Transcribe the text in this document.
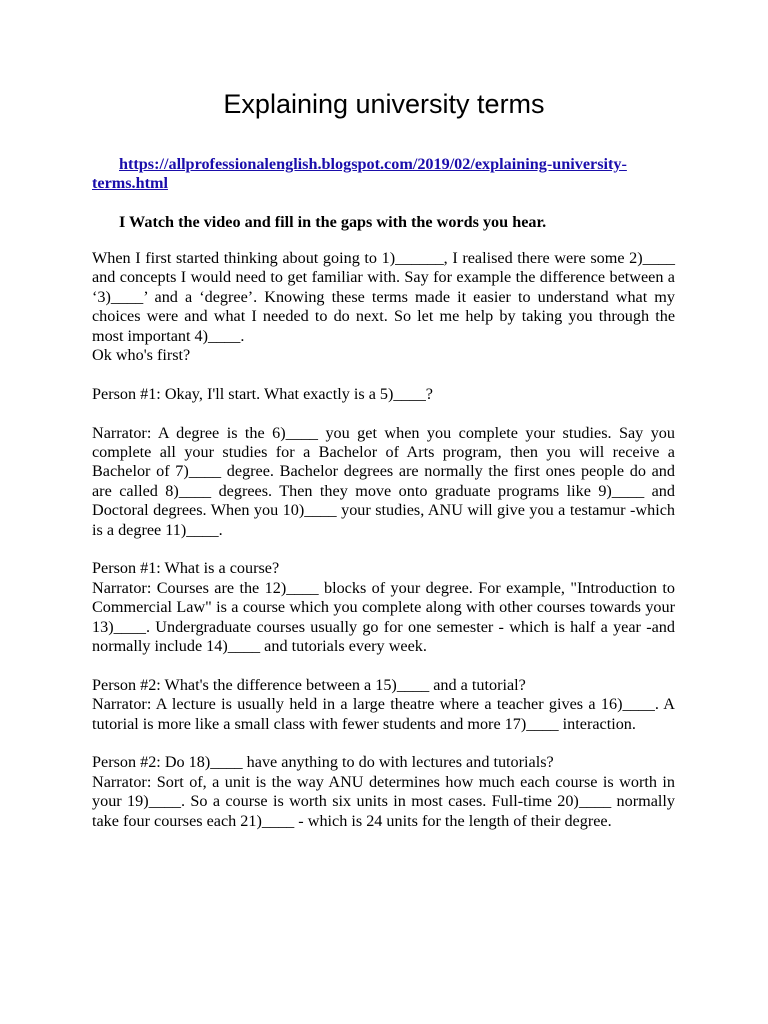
Explaining university terms

https://allprofessionalenglish.blogspot.com/2019/02/explaining-university-terms.html

I Watch the video and fill in the gaps with the words you hear.

When I first started thinking about going to 1)______, I realised there were some 2)____ and concepts I would need to get familiar with. Say for example the difference between a ‘3)____’ and a ‘degree’. Knowing these terms made it easier to understand what my choices were and what I needed to do next. So let me help by taking you through the most important 4)____.

Ok who's first?

Person #1: Okay, I'll start. What exactly is a 5)____?

Narrator: A degree is the 6)____ you get when you complete your studies. Say you complete all your studies for a Bachelor of Arts program, then you will receive a Bachelor of 7)____ degree. Bachelor degrees are normally the first ones people do and are called 8)____ degrees. Then they move onto graduate programs like 9)____ and Doctoral degrees. When you 10)____ your studies, ANU will give you a testamur -which is a degree 11)____.

Person #1: What is a course?

Narrator: Courses are the 12)____ blocks of your degree. For example, "Introduction to Commercial Law" is a course which you complete along with other courses towards your 13)____. Undergraduate courses usually go for one semester - which is half a year -and normally include 14)____ and tutorials every week.

Person #2: What's the difference between a 15)____ and a tutorial?

Narrator: A lecture is usually held in a large theatre where a teacher gives a 16)____. A tutorial is more like a small class with fewer students and more 17)____ interaction.

Person #2: Do 18)____ have anything to do with lectures and tutorials?

Narrator: Sort of, a unit is the way ANU determines how much each course is worth in your 19)____. So a course is worth six units in most cases. Full-time 20)____ normally take four courses each 21)____ - which is 24 units for the length of their degree.
